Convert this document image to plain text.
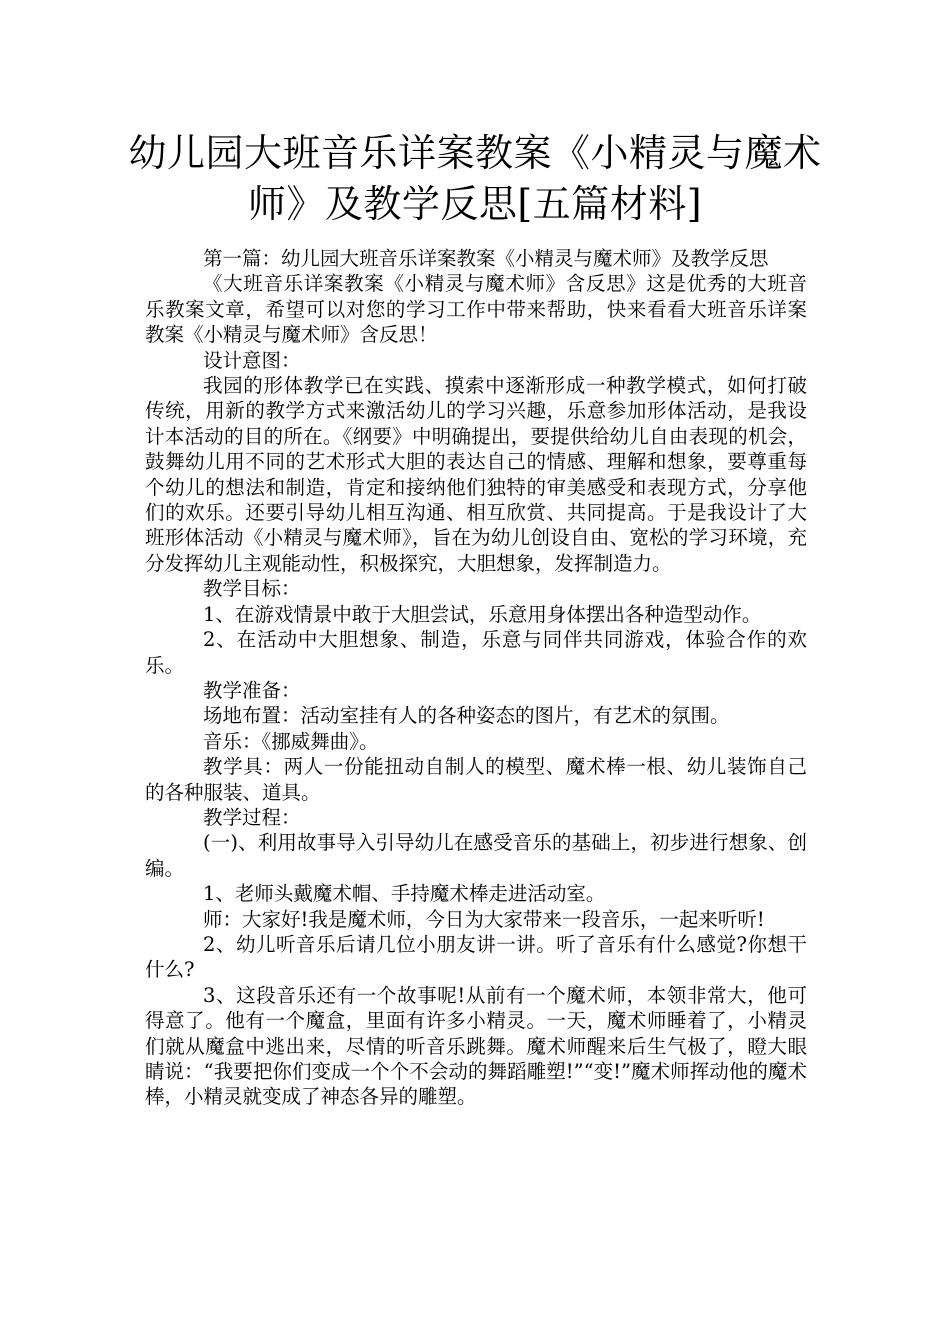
幼儿园大班音乐详案教案《小精灵与魔术师》及教学反思[五篇材料]

第一篇：幼儿园大班音乐详案教案《小精灵与魔术师》及教学反思

《大班音乐详案教案《小精灵与魔术师》含反思》这是优秀的大班音乐教案文章，希望可以对您的学习工作中带来帮助，快来看看大班音乐详案教案《小精灵与魔术师》含反思！

设计意图：

我园的形体教学已在实践、摸索中逐渐形成一种教学模式，如何打破传统，用新的教学方式来激活幼儿的学习兴趣，乐意参加形体活动，是我设计本活动的目的所在。《纲要》中明确提出，要提供给幼儿自由表现的机会，鼓舞幼儿用不同的艺术形式大胆的表达自己的情感、理解和想象，要尊重每个幼儿的想法和制造，肯定和接纳他们独特的审美感受和表现方式，分享他们的欢乐。还要引导幼儿相互沟通、相互欣赏、共同提高。于是我设计了大班形体活动《小精灵与魔术师》，旨在为幼儿创设自由、宽松的学习环境，充分发挥幼儿主观能动性，积极探究，大胆想象，发挥制造力。

教学目标：

1、在游戏情景中敢于大胆尝试，乐意用身体摆出各种造型动作。

2、在活动中大胆想象、制造，乐意与同伴共同游戏，体验合作的欢乐。

教学准备：

场地布置：活动室挂有人的各种姿态的图片，有艺术的氛围。

音乐：《挪威舞曲》。

教学具：两人一份能扭动自制人的模型、魔术棒一根、幼儿装饰自己的各种服装、道具。

教学过程：

(一)、利用故事导入引导幼儿在感受音乐的基础上，初步进行想象、创编。

1、老师头戴魔术帽、手持魔术棒走进活动室。

师：大家好!我是魔术师，今日为大家带来一段音乐，一起来听听!

2、幼儿听音乐后请几位小朋友讲一讲。听了音乐有什么感觉?你想干什么?

3、这段音乐还有一个故事呢!从前有一个魔术师，本领非常大，他可得意了。他有一个魔盒，里面有许多小精灵。一天，魔术师睡着了，小精灵们就从魔盒中逃出来，尽情的听音乐跳舞。魔术师醒来后生气极了，瞪大眼睛说：“我要把你们变成一个个不会动的舞蹈雕塑!”“变!”魔术师挥动他的魔术棒，小精灵就变成了神态各异的雕塑。
